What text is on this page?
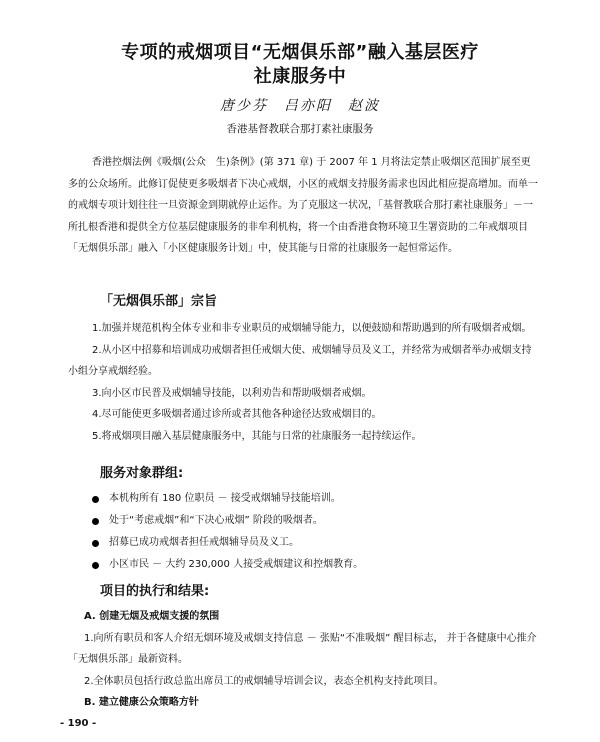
专项的戒烟项目“无烟俱乐部”融入基层医疗
社康服务中
唐少芬　吕亦阳　赵波
香港基督教联合那打素社康服务
香港控烟法例《吸烟(公众　生)条例》(第 371 章) 于 2007 年 1 月将法定禁止吸烟区范围扩展至更多的公众场所。此修订促使更多吸烟者下决心戒烟，小区的戒烟支持服务需求也因此相应提高增加。而单一的戒烟专项计划往往一旦资源金到期就停止运作。为了克服这一状况，「基督教联合那打素社康服务」－一所扎根香港和提供全方位基层健康服务的非牟利机构，将一个由香港食物环境卫生署资助的二年戒烟项目「无烟俱乐部」融入「小区健康服务计划」中，使其能与日常的社康服务一起恒常运作。
「无烟俱乐部」宗旨

1.加强并规范机构全体专业和非专业职员的戒烟辅导能力，以便鼓励和帮助遇到的所有吸烟者戒烟。

2.从小区中招募和培训成功戒烟者担任戒烟大使、戒烟辅导员及义工，并经常为戒烟者举办戒烟支持小组分享戒烟经验。

3.向小区市民普及戒烟辅导技能，以利劝告和帮助吸烟者戒烟。

4.尽可能使更多吸烟者通过诊所或者其他各种途径达致戒烟目的。

5.将戒烟项目融入基层健康服务中，其能与日常的社康服务一起持续运作。

服务对象群组:
本机构所有 180 位职员 － 接受戒烟辅导技能培训。
处于“考虑戒烟”和“下决心戒烟” 阶段的吸烟者。
招募已成功戒烟者担任戒烟辅导员及义工。
小区市民 － 大约 230,000 人接受戒烟建议和控烟教育。
项目的执行和结果:

A. 创建无烟及戒烟支援的氛围

1.向所有职员和客人介绍无烟环境及戒烟支持信息 － 张贴“不准吸烟” 醒目标志， 并于各健康中心推介「无烟俱乐部」最新资料。

2.全体职员包括行政总监出席员工的戒烟辅导培训会议，表态全机构支持此项目。

B. 建立健康公众策略方针

- 190 -
